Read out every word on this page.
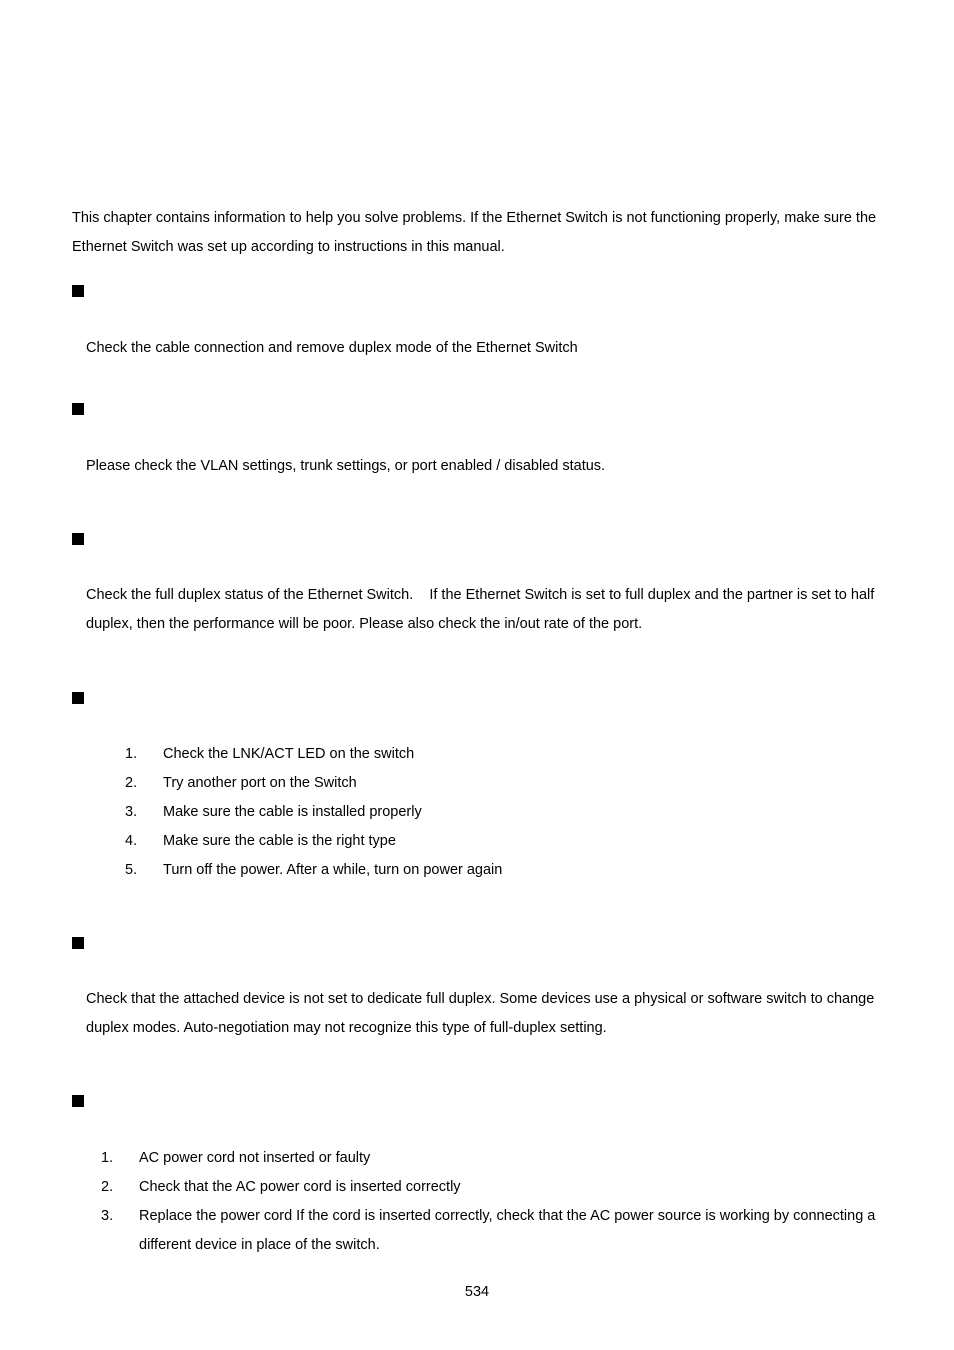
This chapter contains information to help you solve problems. If the Ethernet Switch is not functioning properly, make sure the
Ethernet Switch was set up according to instructions in this manual.
Check the cable connection and remove duplex mode of the Ethernet Switch
Please check the VLAN settings, trunk settings, or port enabled / disabled status.
Check the full duplex status of the Ethernet Switch.    If the Ethernet Switch is set to full duplex and the partner is set to half
duplex, then the performance will be poor. Please also check the in/out rate of the port.
1. Check the LNK/ACT LED on the switch
2. Try another port on the Switch
3. Make sure the cable is installed properly
4. Make sure the cable is the right type
5. Turn off the power. After a while, turn on power again
Check that the attached device is not set to dedicate full duplex. Some devices use a physical or software switch to change
duplex modes. Auto-negotiation may not recognize this type of full-duplex setting.
1. AC power cord not inserted or faulty
2. Check that the AC power cord is inserted correctly
3. Replace the power cord If the cord is inserted correctly, check that the AC power source is working by connecting a
different device in place of the switch.
534
